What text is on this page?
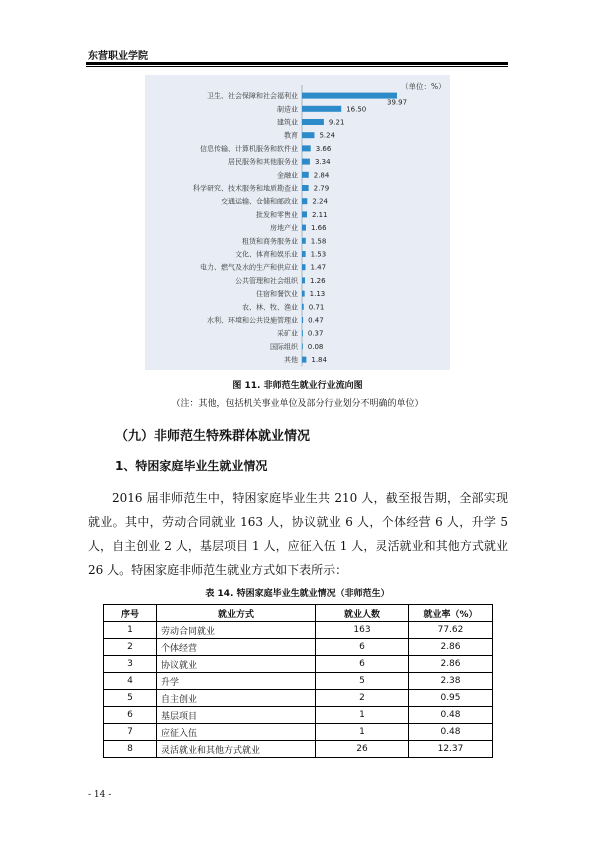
东营职业学院
（单位：%）
卫生、社会保障和社会福利业
39.97
制造业	16.50
建筑业	9.21
教育	5.24
信息传输、计算机服务和软件业	3.66
居民服务和其他服务业 3.34
金融业 2.84
科学研究、技术服务和地质勘查业 2.79
交通运输、仓储和邮政业 2.24
批发和零售业 2.11
房地产业 1.66
租赁和商务服务业 1.58
文化、体育和娱乐业 1.53
电力、燃气及水的生产和供应业 1.47
公共管理和社会组织 1.26
住宿和餐饮业 1.13
农、林、牧、渔业 0.71
水利、环境和公共设施管理业 0.47
采矿业 0.37
国际组织 0.08
其他 1.84
图 11. 非师范生就业行业流向图
（注：其他，包括机关事业单位及部分行业划分不明确的单位）
（九）非师范生特殊群体就业情况
1、特困家庭毕业生就业情况
2016 届非师范生中，特困家庭毕业生共 210 人，截至报告期，全部实现就业。其中，劳动合同就业 163 人，协议就业 6 人，个体经营 6 人，升学 5 人，自主创业 2 人，基层项目 1 人，应征入伍 1 人，灵活就业和其他方式就业 26 人。特困家庭非师范生就业方式如下表所示：
表 14. 特困家庭毕业生就业情况（非师范生）
序号	就业方式	就业人数	就业率（%）
1	劳动合同就业	163	77.62
2	个体经营	6	2.86
3	协议就业	6	2.86
4	升学	5	2.38
5	自主创业	2	0.95
6	基层项目	1	0.48
7	应征入伍	1	0.48
8	灵活就业和其他方式就业	26	12.37
- 14 -
